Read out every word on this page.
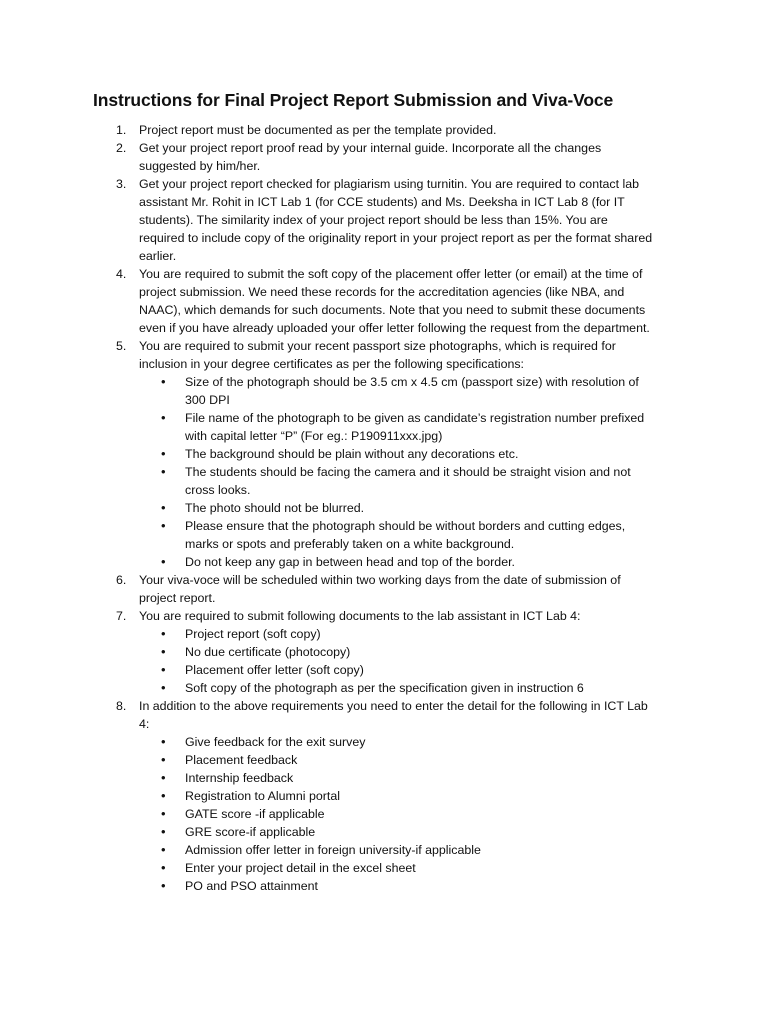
Instructions for Final Project Report Submission and Viva-Voce
1.	Project report must be documented as per the template provided.
2.	Get your project report proof read by your internal guide. Incorporate all the changes suggested by him/her.
3.	Get your project report checked for plagiarism using turnitin. You are required to contact lab assistant Mr. Rohit in ICT Lab 1 (for CCE students) and Ms. Deeksha in ICT Lab 8 (for IT students). The similarity index of your project report should be less than 15%. You are required to include copy of the originality report in your project report as per the format shared earlier.
4.	You are required to submit the soft copy of the placement offer letter (or email) at the time of project submission. We need these records for the accreditation agencies (like NBA, and NAAC), which demands for such documents. Note that you need to submit these documents even if you have already uploaded your offer letter following the request from the department.
5.	You are required to submit your recent passport size photographs, which is required for inclusion in your degree certificates as per the following specifications:
• Size of the photograph should be 3.5 cm x 4.5 cm (passport size) with resolution of 300 DPI
• File name of the photograph to be given as candidate’s registration number prefixed with capital letter “P” (For eg.: P190911xxx.jpg)
• The background should be plain without any decorations etc.
• The students should be facing the camera and it should be straight vision and not cross looks.
• The photo should not be blurred.
• Please ensure that the photograph should be without borders and cutting edges, marks or spots and preferably taken on a white background.
• Do not keep any gap in between head and top of the border.
6.	Your viva-voce will be scheduled within two working days from the date of submission of project report.
7.	You are required to submit following documents to the lab assistant in ICT Lab 4:
• Project report (soft copy)
• No due certificate (photocopy)
• Placement offer letter (soft copy)
• Soft copy of the photograph as per the specification given in instruction 6
8.	In addition to the above requirements you need to enter the detail for the following in ICT Lab 4:
• Give feedback for the exit survey
• Placement feedback
• Internship feedback
• Registration to Alumni portal
• GATE score -if applicable
• GRE score-if applicable
• Admission offer letter in foreign university-if applicable
• Enter your project detail in the excel sheet
• PO and PSO attainment
